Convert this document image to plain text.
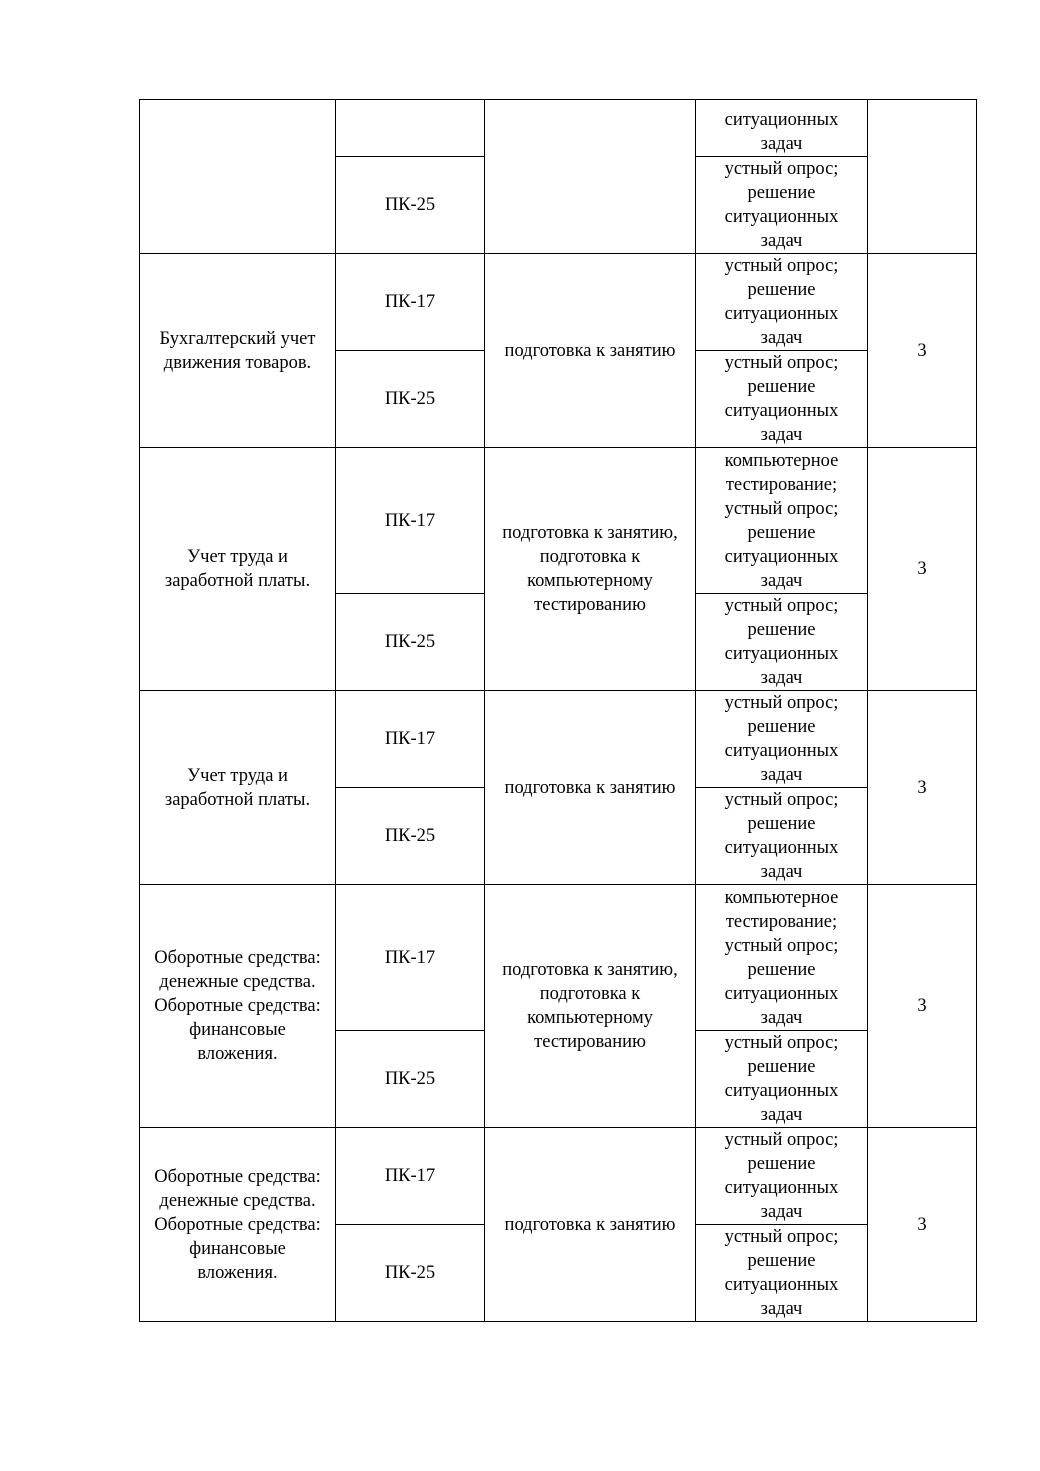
			ситуационных задач	

	ПК-25		устный опрос; решение ситуационных задач	

Бухгалтерский учет движения товаров.	ПК-17	подготовка к занятию	устный опрос; решение ситуационных задач	3

	ПК-25		устный опрос; решение ситуационных задач	

Учет труда и заработной платы.	ПК-17	подготовка к занятию, подготовка к компьютерному тестированию	компьютерное тестирование; устный опрос; решение ситуационных задач	3

	ПК-25		устный опрос; решение ситуационных задач	

Учет труда и заработной платы.	ПК-17	подготовка к занятию	устный опрос; решение ситуационных задач	3

	ПК-25		устный опрос; решение ситуационных задач	

Оборотные средства: денежные средства. Оборотные средства: финансовые вложения.	ПК-17	подготовка к занятию, подготовка к компьютерному тестированию	компьютерное тестирование; устный опрос; решение ситуационных задач	3

	ПК-25		устный опрос; решение ситуационных задач	

Оборотные средства: денежные средства. Оборотные средства: финансовые вложения.	ПК-17	подготовка к занятию	устный опрос; решение ситуационных задач	3

	ПК-25		устный опрос; решение ситуационных задач	
